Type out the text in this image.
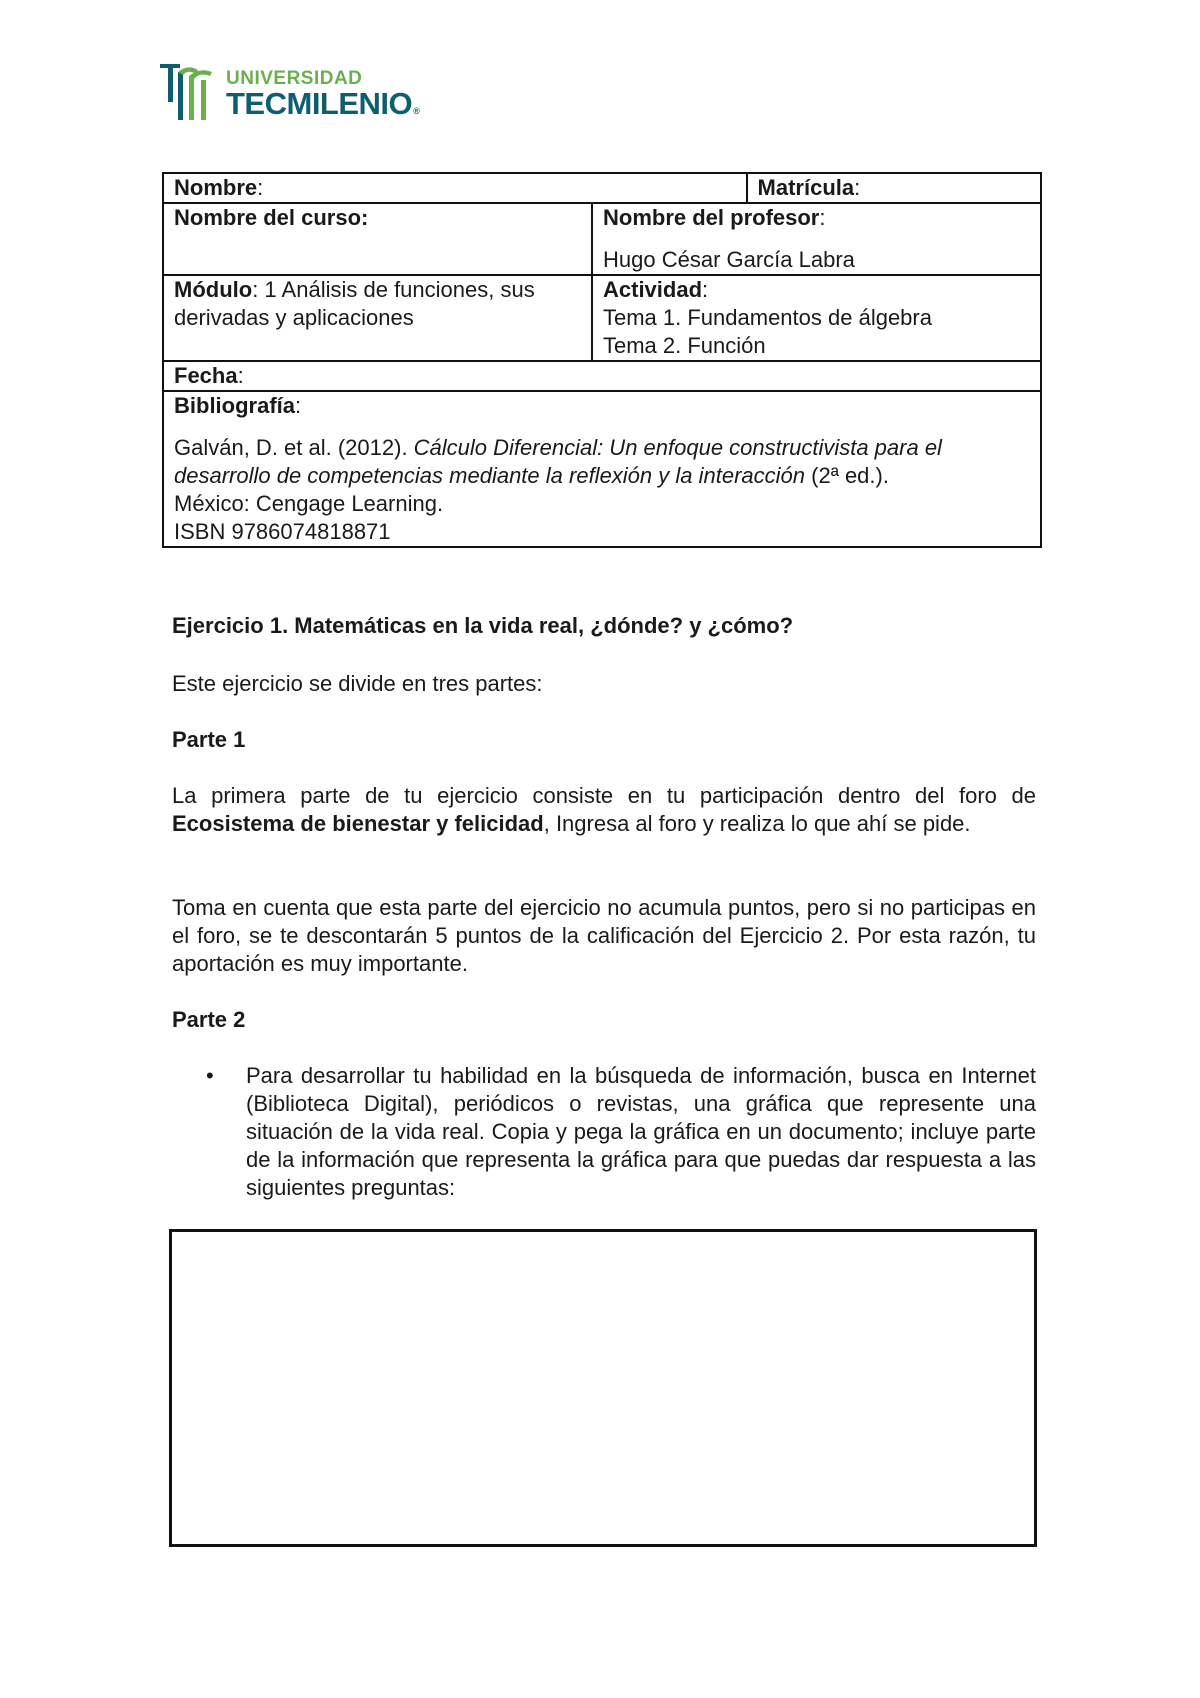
UNIVERSIDAD
TECMILENIO®
Nombre:		Matrícula:
Nombre del curso:	Nombre del profesor:
Hugo César García Labra	

Módulo: 1 Análisis de funciones, sus derivadas y aplicaciones	Actividad:
Tema 1. Fundamentos de álgebra
Tema 2. Función	

Fecha:		

Bibliografía:
Galván, D. et al. (2012). Cálculo Diferencial: Un enfoque constructivista para el desarrollo de competencias mediante la reflexión y la interacción (2ª ed.).
México: Cengage Learning.
ISBN 9786074818871		
Ejercicio 1. Matemáticas en la vida real, ¿dónde? y ¿cómo?
Este ejercicio se divide en tres partes:
Parte 1
La primera parte de tu ejercicio consiste en tu participación dentro del foro de Ecosistema de bienestar y felicidad, Ingresa al foro y realiza lo que ahí se pide.
Toma en cuenta que esta parte del ejercicio no acumula puntos, pero si no participas en el foro, se te descontarán 5 puntos de la calificación del Ejercicio 2. Por esta razón, tu aportación es muy importante.
Parte 2
• Para desarrollar tu habilidad en la búsqueda de información, busca en Internet (Biblioteca Digital), periódicos o revistas, una gráfica que represente una situación de la vida real. Copia y pega la gráfica en un documento; incluye parte de la información que representa la gráfica para que puedas dar respuesta a las siguientes preguntas:
